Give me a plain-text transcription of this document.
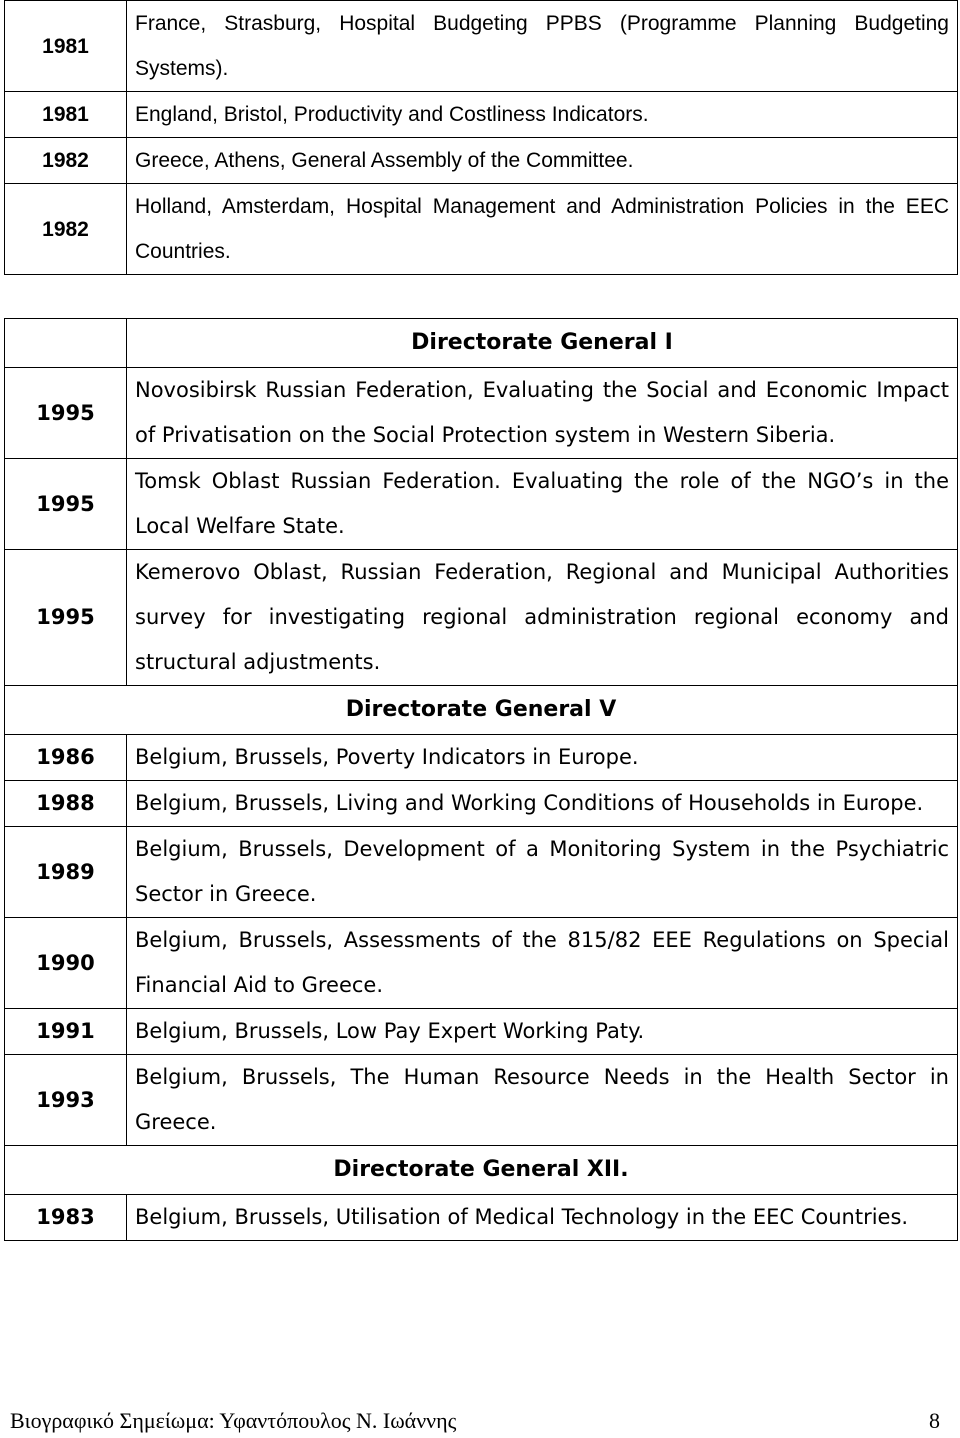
1981	France, Strasburg, Hospital Budgeting PPBS (Programme Planning Budgeting Systems).
1981	England, Bristol, Productivity and Costliness Indicators.
1982	Greece, Athens, General Assembly of the Committee.
1982	Holland, Amsterdam, Hospital Management and Administration Policies in the EEC Countries.
	Directorate General I
1995	Novosibirsk Russian Federation, Evaluating the Social and Economic Impact of Privatisation on the Social Protection system in Western Siberia.
1995	Tomsk Oblast Russian Federation. Evaluating the role of the NGO’s in the Local Welfare State.
1995	Kemerovo Oblast, Russian Federation, Regional and Municipal Authorities survey for investigating regional administration regional economy and structural adjustments.
Directorate General V	
1986	Belgium, Brussels, Poverty Indicators in Europe.
1988	Belgium, Brussels, Living and Working Conditions of Households in Europe.
1989	Belgium, Brussels, Development of a Monitoring System in the Psychiatric Sector in Greece.
1990	Belgium, Brussels, Assessments of the 815/82 EEE Regulations on Special Financial Aid to Greece.
1991	Belgium, Brussels, Low Pay Expert Working Paty.
1993	Belgium, Brussels, The Human Resource Needs in the Health Sector in Greece.
Directorate General XII.	
1983	Belgium, Brussels, Utilisation of Medical Technology in the EEC Countries.
Βιογραφικό Σημείωμα: Υφαντόπουλος Ν. Ιωάννης	8
